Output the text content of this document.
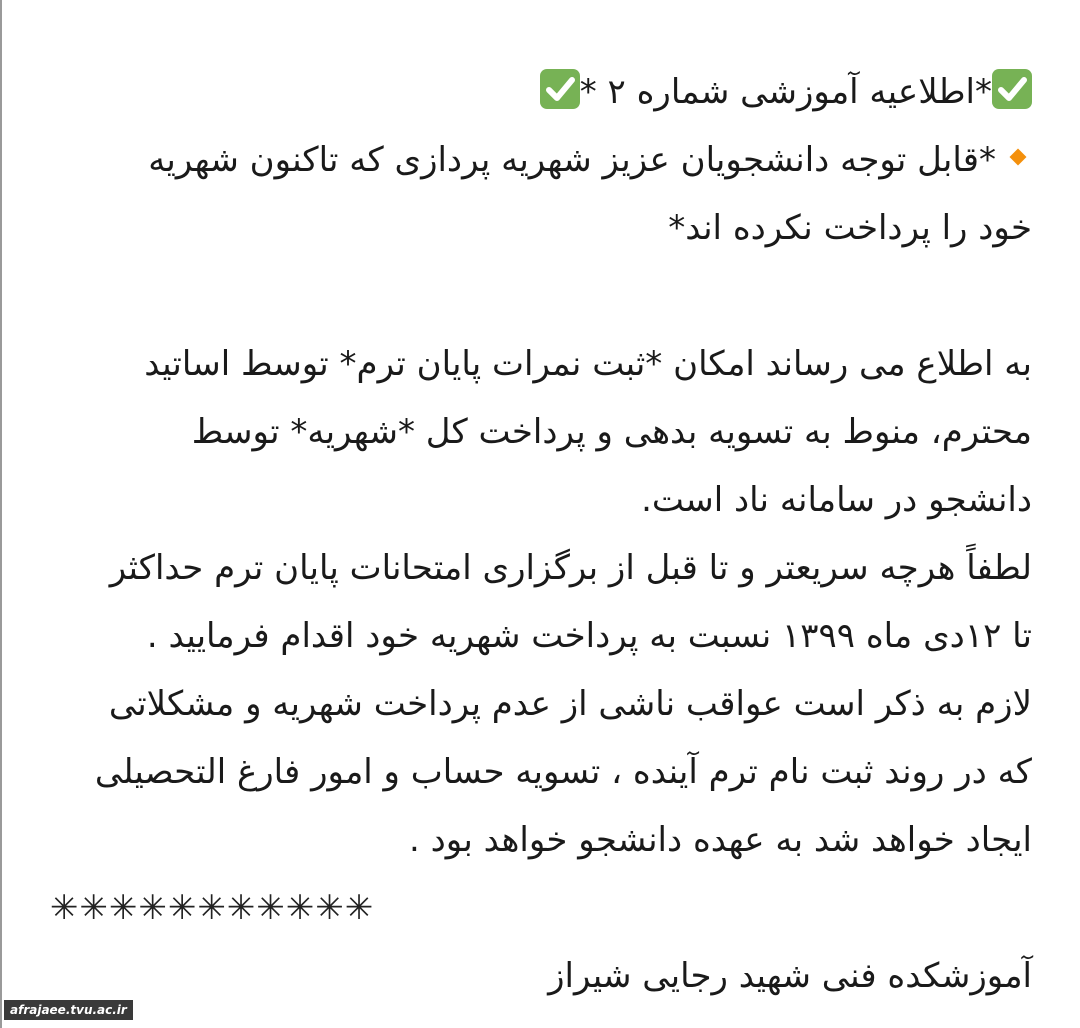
*اطلاعیه آموزشی شماره ۲ *
*قابل توجه دانشجویان عزیز شهریه پردازی که تاکنون شهریه
خود را پرداخت نکرده اند*
به اطلاع می رساند امکان *ثبت نمرات پایان ترم* توسط اساتید
محترم، منوط به تسویه بدهی و پرداخت کل *شهریه* توسط
دانشجو در سامانه ناد است.
لطفاً هرچه سریعتر و تا قبل از برگزاری امتحانات پایان ترم حداکثر
تا ۱۲دی ماه ۱۳۹۹ نسبت به پرداخت شهریه خود اقدام فرمایید .
لازم به ذکر است عواقب ناشی از عدم پرداخت شهریه و مشکلاتی
که در روند ثبت نام ترم آینده ، تسویه حساب و امور فارغ التحصیلی
ایجاد خواهد شد به عهده دانشجو خواهد بود .
✳✳✳✳✳✳✳✳✳✳✳
آموزشکده فنی شهید رجایی شیراز
afrajaee.tvu.ac.ir
